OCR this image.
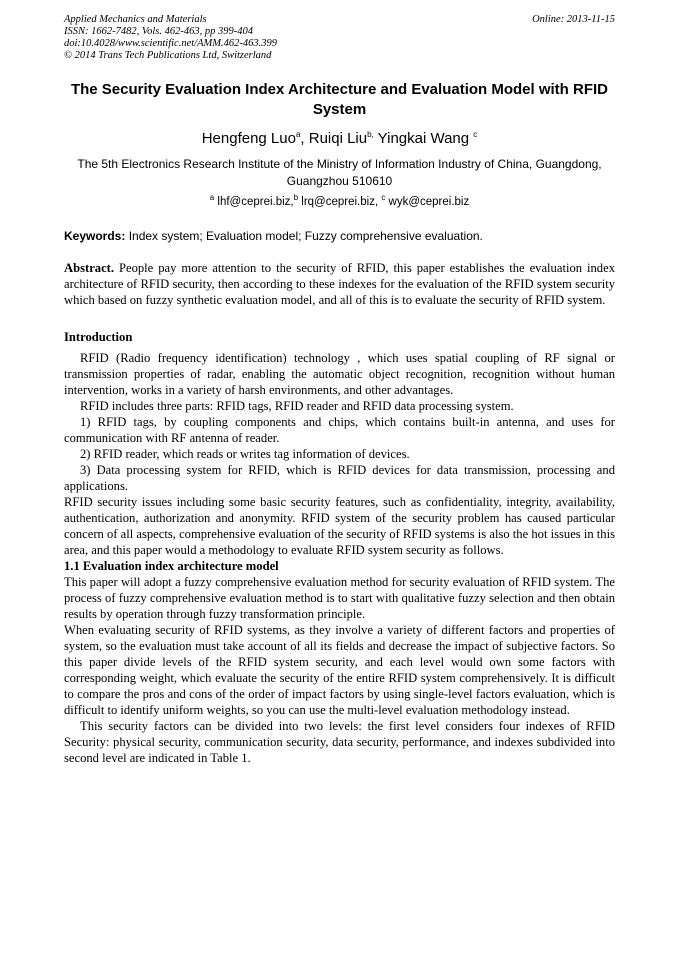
Applied Mechanics and Materials
ISSN: 1662-7482, Vols. 462-463, pp 399-404
doi:10.4028/www.scientific.net/AMM.462-463.399
© 2014 Trans Tech Publications Ltd, Switzerland
Online: 2013-11-15
The Security Evaluation Index Architecture and Evaluation Model with RFID System
Hengfeng Luo$^a$, Ruiqi Liu$^{b,}$ Yingkai Wang $^c$
The 5th Electronics Research Institute of the Ministry of Information Industry of China, Guangdong, Guangzhou 510610
$^a$ lhf@ceprei.biz,$^b$ lrq@ceprei.biz, $^c$ wyk@ceprei.biz
Keywords: Index system; Evaluation model; Fuzzy comprehensive evaluation.

Abstract. People pay more attention to the security of RFID, this paper establishes the evaluation index architecture of RFID security, then according to these indexes for the evaluation of the RFID system security which based on fuzzy synthetic evaluation model, and all of this is to evaluate the security of RFID system.

Introduction

RFID (Radio frequency identification) technology , which uses spatial coupling of RF signal or transmission properties of radar, enabling the automatic object recognition, recognition without human intervention, works in a variety of harsh environments, and other advantages.

RFID includes three parts: RFID tags, RFID reader and RFID data processing system.

1) RFID tags, by coupling components and chips, which contains built-in antenna, and uses for communication with RF antenna of reader.

2) RFID reader, which reads or writes tag information of devices.

3) Data processing system for RFID, which is RFID devices for data transmission, processing and applications.

RFID security issues including some basic security features, such as confidentiality, integrity, availability, authentication, authorization and anonymity. RFID system of the security problem has caused particular concern of all aspects, comprehensive evaluation of the security of RFID systems is also the hot issues in this area, and this paper would a methodology to evaluate RFID system security as follows.

1.1 Evaluation index architecture model

This paper will adopt a fuzzy comprehensive evaluation method for security evaluation of RFID system. The process of fuzzy comprehensive evaluation method is to start with qualitative fuzzy selection and then obtain results by operation through fuzzy transformation principle.

When evaluating security of RFID systems, as they involve a variety of different factors and properties of system, so the evaluation must take account of all its fields and decrease the impact of subjective factors. So this paper divide levels of the RFID system security, and each level would own some factors with corresponding weight, which evaluate the security of the entire RFID system comprehensively. It is difficult to compare the pros and cons of the order of impact factors by using single-level factors evaluation, which is difficult to identify uniform weights, so you can use the multi-level evaluation methodology instead.

This security factors can be divided into two levels: the first level considers four indexes of RFID Security: physical security, communication security, data security, performance, and indexes subdivided into second level are indicated in Table 1.
